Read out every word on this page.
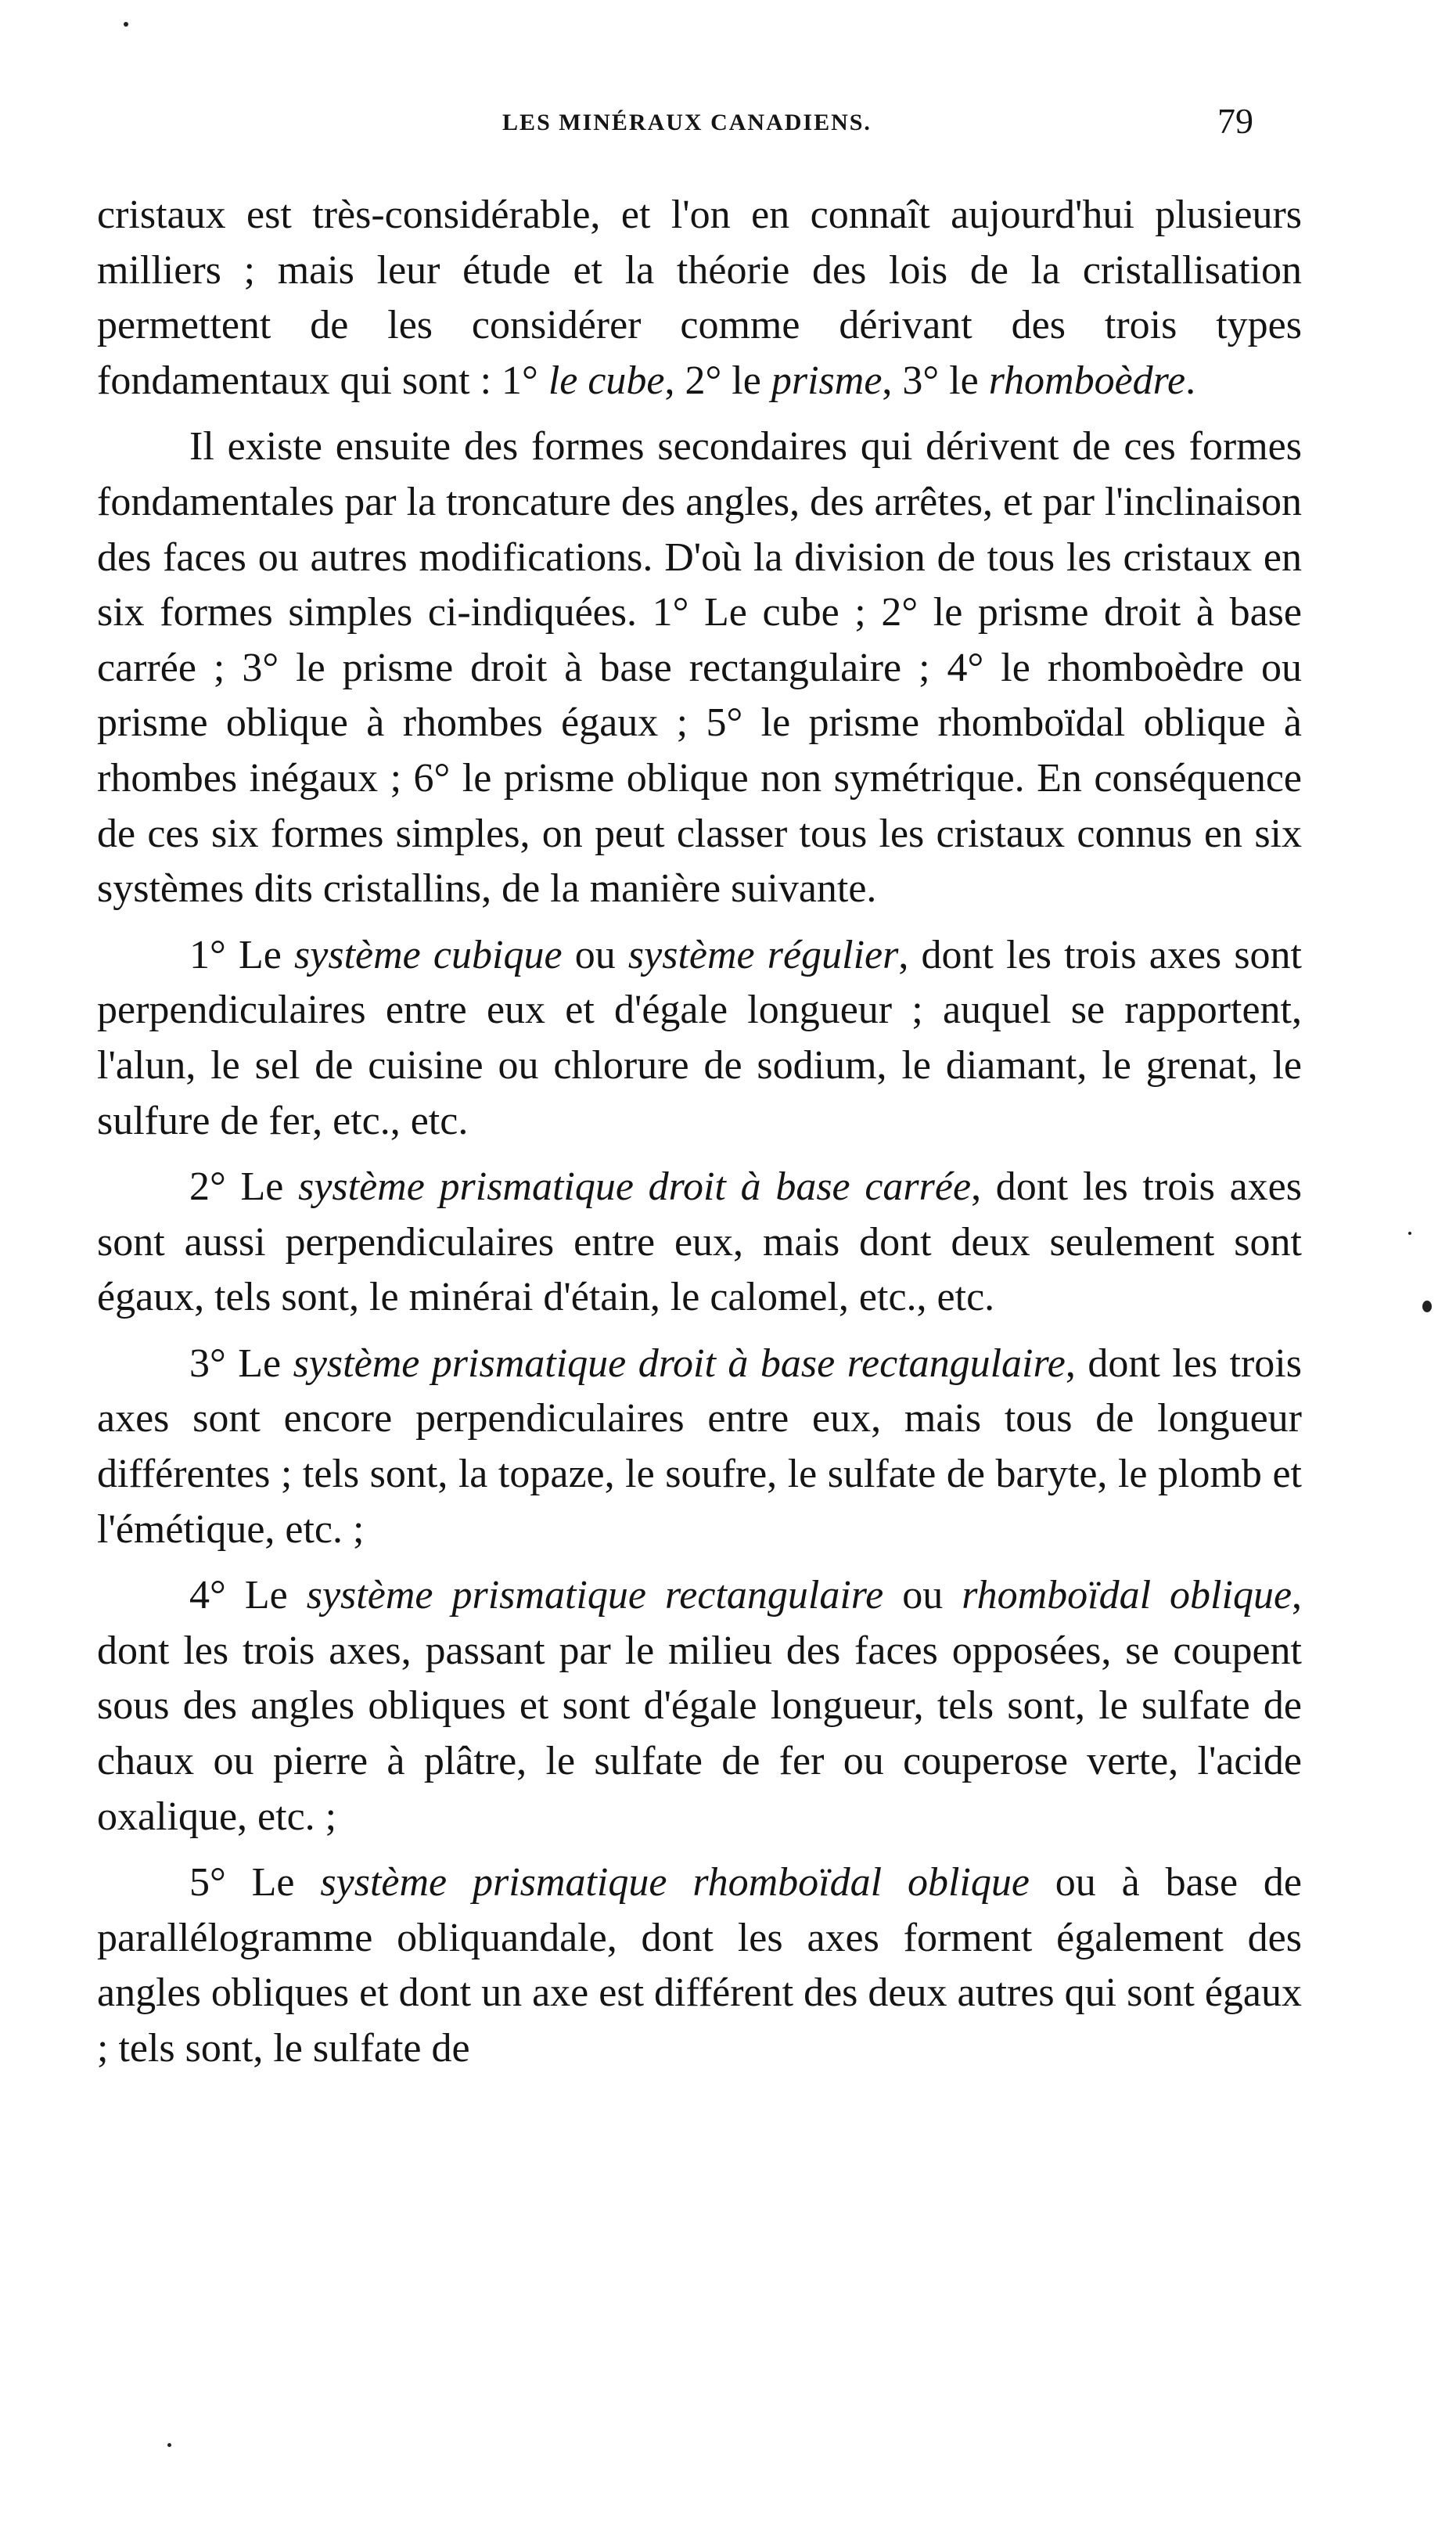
LES MINÉRAUX CANADIENS.	79

cristaux est très-considérable, et l'on en connaît aujourd'hui plusieurs milliers ; mais leur étude et la théorie des lois de la cristallisation permettent de les considérer comme dérivant des trois types fondamentaux qui sont : 1° le cube, 2° le prisme, 3° le rhomboèdre.

Il existe ensuite des formes secondaires qui dérivent de ces formes fondamentales par la troncature des angles, des arrêtes, et par l'inclinaison des faces ou autres modifications. D'où la division de tous les cristaux en six formes simples ci-indiquées. 1° Le cube ; 2° le prisme droit à base carrée ; 3° le prisme droit à base rectangulaire ; 4° le rhomboèdre ou prisme oblique à rhombes égaux ; 5° le prisme rhomboïdal oblique à rhombes inégaux ; 6° le prisme oblique non symétrique. En conséquence de ces six formes simples, on peut classer tous les cristaux connus en six systèmes dits cristallins, de la manière suivante.

1° Le système cubique ou système régulier, dont les trois axes sont perpendiculaires entre eux et d'égale longueur ; auquel se rapportent, l'alun, le sel de cuisine ou chlorure de sodium, le diamant, le grenat, le sulfure de fer, etc., etc.

2° Le système prismatique droit à base carrée, dont les trois axes sont aussi perpendiculaires entre eux, mais dont deux seulement sont égaux, tels sont, le minérai d'étain, le calomel, etc., etc.

3° Le système prismatique droit à base rectangulaire, dont les trois axes sont encore perpendiculaires entre eux, mais tous de longueur différentes ; tels sont, la topaze, le soufre, le sulfate de baryte, le plomb et l'émétique, etc. ;

4° Le système prismatique rectangulaire ou rhomboïdal oblique, dont les trois axes, passant par le milieu des faces opposées, se coupent sous des angles obliques et sont d'égale longueur, tels sont, le sulfate de chaux ou pierre à plâtre, le sulfate de fer ou couperose verte, l'acide oxalique, etc. ;

5° Le système prismatique rhomboïdal oblique ou à base de parallélogramme obliquandale, dont les axes forment également des angles obliques et dont un axe est différent des deux autres qui sont égaux ; tels sont, le sulfate de
